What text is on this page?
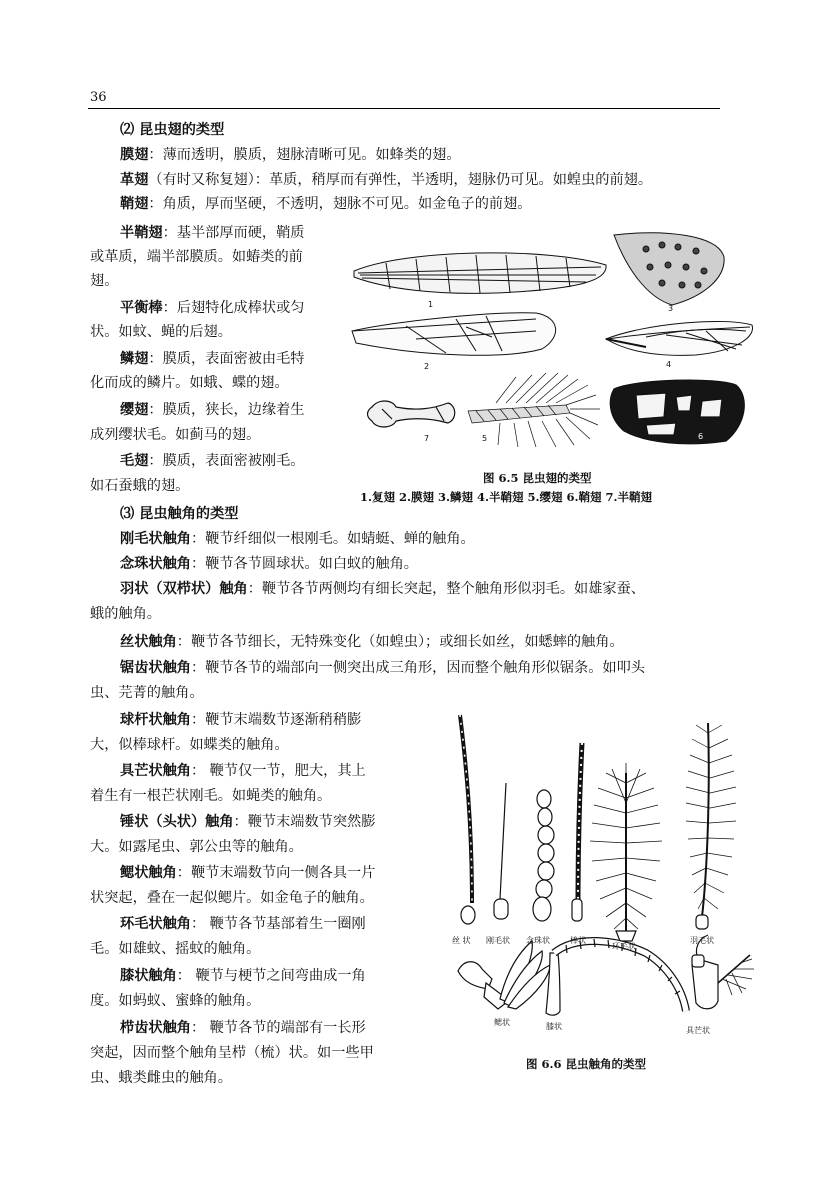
36
⑵ 昆虫翅的类型
膜翅：薄而透明，膜质，翅脉清晰可见。如蜂类的翅。
革翅（有时又称复翅）：革质，稍厚而有弹性，半透明，翅脉仍可见。如蝗虫的前翅。
鞘翅：角质，厚而坚硬，不透明，翅脉不可见。如金龟子的前翅。
半鞘翅：基半部厚而硬，鞘质
或革质，端半部膜质。如蝽类的前
翅。
平衡棒：后翅特化成棒状或匀
状。如蚊、蝇的后翅。
鳞翅：膜质，表面密被由毛特
化而成的鳞片。如蛾、蝶的翅。
缨翅：膜质，狭长，边缘着生
成列缨状毛。如蓟马的翅。
毛翅：膜质，表面密被刚毛。
如石蚕蛾的翅。
1	3
2	4
7	5	6
图 6.5 昆虫翅的类型
1.复翅 2.膜翅 3.鳞翅 4.半鞘翅 5.缨翅 6.鞘翅 7.半鞘翅
⑶ 昆虫触角的类型
刚毛状触角：鞭节纤细似一根刚毛。如蜻蜓、蝉的触角。
念珠状触角：鞭节各节圆球状。如白蚁的触角。
羽状（双栉状）触角：鞭节各节两侧均有细长突起，整个触角形似羽毛。如雄家蚕、
蛾的触角。
丝状触角：鞭节各节细长，无特殊变化（如蝗虫）；或细长如丝，如蟋蟀的触角。
锯齿状触角：鞭节各节的端部向一侧突出成三角形，因而整个触角形似锯条。如叩头
虫、芫菁的触角。
球杆状触角：鞭节末端数节逐渐稍稍膨
大，似棒球杆。如蝶类的触角。
具芒状触角： 鞭节仅一节，肥大，其上
着生有一根芒状刚毛。如蝇类的触角。
锤状（头状）触角：鞭节末端数节突然膨
大。如露尾虫、郭公虫等的触角。
鳃状触角：鞭节末端数节向一侧各具一片
状突起，叠在一起似鳃片。如金龟子的触角。
环毛状触角： 鞭节各节基部着生一圈刚
毛。如雄蚊、摇蚊的触角。
膝状触角： 鞭节与梗节之间弯曲成一角
度。如蚂蚁、蜜蜂的触角。
栉齿状触角： 鞭节各节的端部有一长形
突起，因而整个触角呈栉（梳）状。如一些甲
虫、蛾类雌虫的触角。
丝 状 刚毛状 念珠状	棒状
环毛状
羽毛状
鳃状	膝状	具芒状
图 6.6 昆虫触角的类型
